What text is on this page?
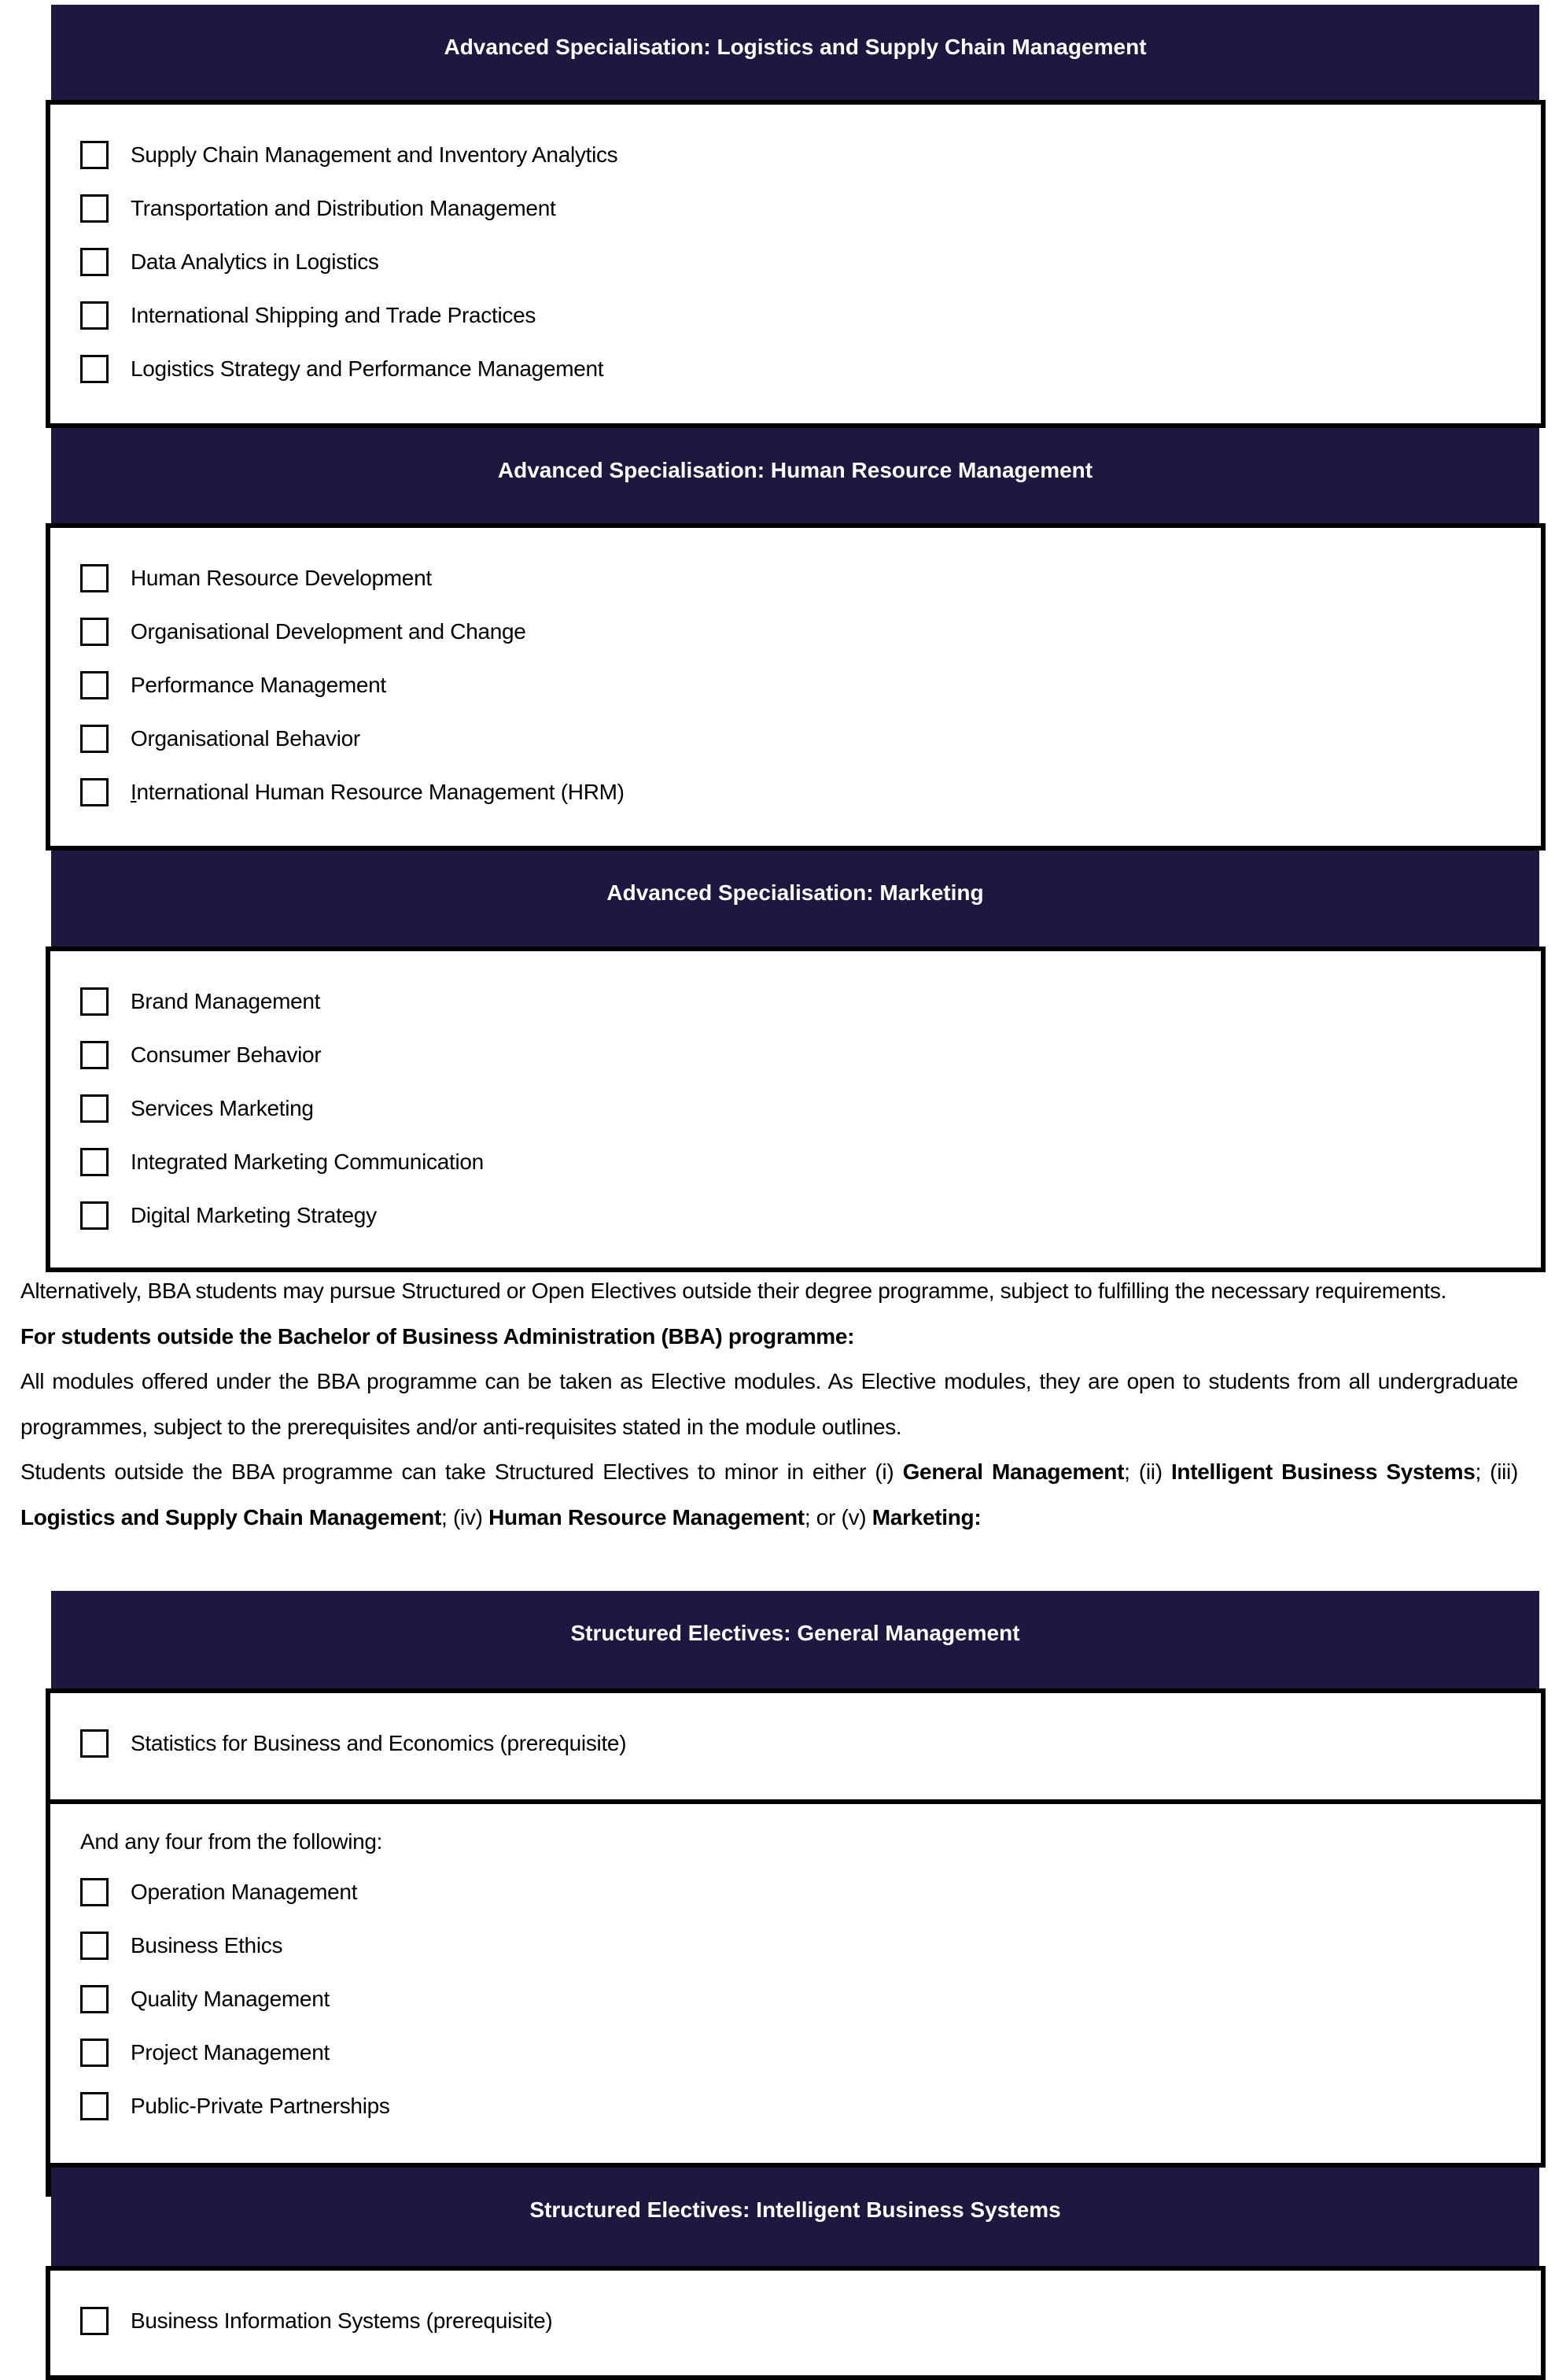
Advanced Specialisation: Logistics and Supply Chain Management
Supply Chain Management and Inventory Analytics
Transportation and Distribution Management
Data Analytics in Logistics
International Shipping and Trade Practices
Logistics Strategy and Performance Management
Advanced Specialisation: Human Resource Management
Human Resource Development
Organisational Development and Change
Performance Management
Organisational Behavior
International Human Resource Management (HRM)
Advanced Specialisation: Marketing
Brand Management
Consumer Behavior
Services Marketing
Integrated Marketing Communication
Digital Marketing Strategy

Alternatively, BBA students may pursue Structured or Open Electives outside their degree programme, subject to fulfilling the necessary requirements.

For students outside the Bachelor of Business Administration (BBA) programme:

All modules offered under the BBA programme can be taken as Elective modules. As Elective modules, they are open to students from all undergraduate programmes, subject to the prerequisites and/or anti-requisites stated in the module outlines.

Students outside the BBA programme can take Structured Electives to minor in either (i) General Management; (ii) Intelligent Business Systems; (iii) Logistics and Supply Chain Management; (iv) Human Resource Management; or (v) Marketing:

Structured Electives: General Management
Statistics for Business and Economics (prerequisite)
And any four from the following:
Operation Management
Business Ethics
Quality Management
Project Management
Public-Private Partnerships
Structured Electives: Intelligent Business Systems
Business Information Systems (prerequisite)
